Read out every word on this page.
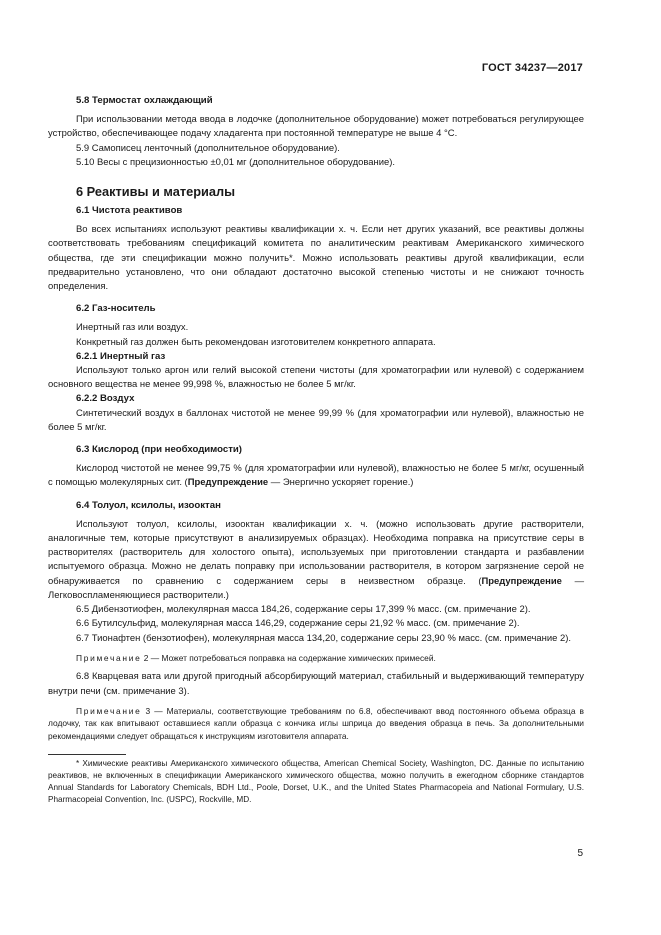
ГОСТ 34237—2017

5.8 Термостат охлаждающий

При использовании метода ввода в лодочке (дополнительное оборудование) может потребоваться регулирующее устройство, обеспечивающее подачу хладагента при постоянной температуре не выше 4 °С.

5.9 Самописец ленточный (дополнительное оборудование).

5.10 Весы с прецизионностью ±0,01 мг (дополнительное оборудование).

6 Реактивы и материалы

6.1 Чистота реактивов

Во всех испытаниях используют реактивы квалификации х. ч. Если нет других указаний, все реактивы должны соответствовать требованиям спецификаций комитета по аналитическим реактивам Американского химического общества, где эти спецификации можно получить*. Можно использовать реактивы другой квалификации, если предварительно установлено, что они обладают достаточно высокой степенью чистоты и не снижают точность определения.

6.2 Газ-носитель

Инертный газ или воздух.

Конкретный газ должен быть рекомендован изготовителем конкретного аппарата.

6.2.1 Инертный газ

Используют только аргон или гелий высокой степени чистоты (для хроматографии или нулевой) с содержанием основного вещества не менее 99,998 %, влажностью не более 5 мг/кг.

6.2.2 Воздух

Синтетический воздух в баллонах чистотой не менее 99,99 % (для хроматографии или нулевой), влажностью не более 5 мг/кг.

6.3 Кислород (при необходимости)

Кислород чистотой не менее 99,75 % (для хроматографии или нулевой), влажностью не более 5 мг/кг, осушенный с помощью молекулярных сит. (Предупреждение — Энергично ускоряет горение.)

6.4 Толуол, ксилолы, изооктан

Используют толуол, ксилолы, изооктан квалификации х. ч. (можно использовать другие растворители, аналогичные тем, которые присутствуют в анализируемых образцах). Необходима поправка на присутствие серы в растворителях (растворитель для холостого опыта), используемых при приготовлении стандарта и разбавлении испытуемого образца. Можно не делать поправку при использовании растворителя, в котором загрязнение серой не обнаруживается по сравнению с содержанием серы в неизвестном образце. (Предупреждение — Легковоспламеняющиеся растворители.)

6.5 Дибензотиофен, молекулярная масса 184,26, содержание серы 17,399 % масс. (см. примечание 2).

6.6 Бутилсульфид, молекулярная масса 146,29, содержание серы 21,92 % масс. (см. примечание 2).

6.7 Тионафтен (бензотиофен), молекулярная масса 134,20, содержание серы 23,90 % масс. (см. примечание 2).

Примечание 2 — Может потребоваться поправка на содержание химических примесей.

6.8 Кварцевая вата или другой пригодный абсорбирующий материал, стабильный и выдерживающий температуру внутри печи (см. примечание 3).

Примечание 3 — Материалы, соответствующие требованиям по 6.8, обеспечивают ввод постоянного объема образца в лодочку, так как впитывают оставшиеся капли образца с кончика иглы шприца до введения образца в печь. За дополнительными рекомендациями следует обращаться к инструкциям изготовителя аппарата.

* Химические реактивы Американского химического общества, American Chemical Society, Washington, DC. Данные по испытанию реактивов, не включенных в спецификации Американского химического общества, можно получить в ежегодном сборнике стандартов Annual Standards for Laboratory Chemicals, BDH Ltd., Poole, Dorset, U.K., and the United States Pharmacopeia and National Formulary, U.S. Pharmacopeial Convention, Inc. (USPC), Rockville, MD.

5
